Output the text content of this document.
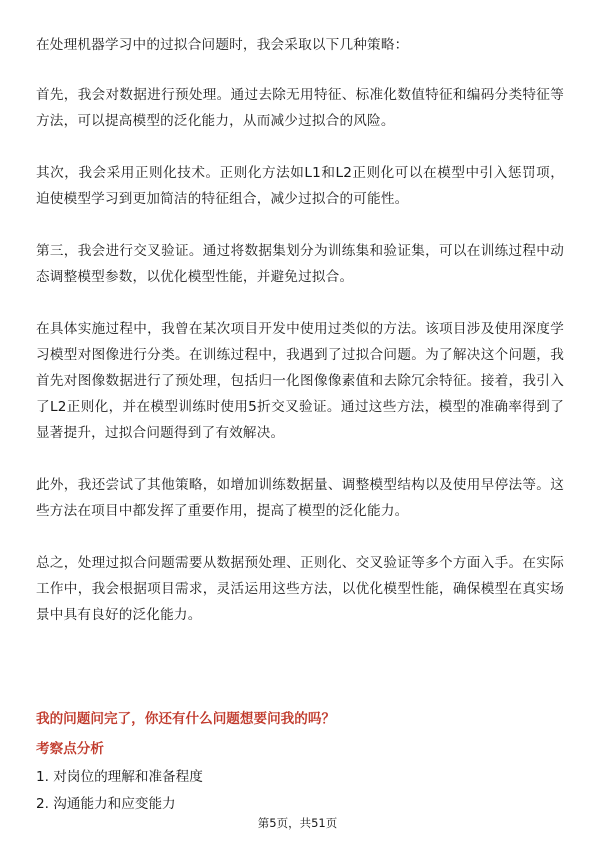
在处理机器学习中的过拟合问题时，我会采取以下几种策略：

首先，我会对数据进行预处理。通过去除无用特征、标准化数值特征和编码分类特征等方法，可以提高模型的泛化能力，从而减少过拟合的风险。

其次，我会采用正则化技术。正则化方法如L1和L2正则化可以在模型中引入惩罚项，迫使模型学习到更加简洁的特征组合，减少过拟合的可能性。

第三，我会进行交叉验证。通过将数据集划分为训练集和验证集，可以在训练过程中动态调整模型参数，以优化模型性能，并避免过拟合。

在具体实施过程中，我曾在某次项目开发中使用过类似的方法。该项目涉及使用深度学习模型对图像进行分类。在训练过程中，我遇到了过拟合问题。为了解决这个问题，我首先对图像数据进行了预处理，包括归一化图像像素值和去除冗余特征。接着，我引入了L2正则化，并在模型训练时使用5折交叉验证。通过这些方法，模型的准确率得到了显著提升，过拟合问题得到了有效解决。

此外，我还尝试了其他策略，如增加训练数据量、调整模型结构以及使用早停法等。这些方法在项目中都发挥了重要作用，提高了模型的泛化能力。

总之，处理过拟合问题需要从数据预处理、正则化、交叉验证等多个方面入手。在实际工作中，我会根据项目需求，灵活运用这些方法，以优化模型性能，确保模型在真实场景中具有良好的泛化能力。

我的问题问完了，你还有什么问题想要问我的吗？

考察点分析

1. 对岗位的理解和准备程度

2. 沟通能力和应变能力

第5页，共51页
